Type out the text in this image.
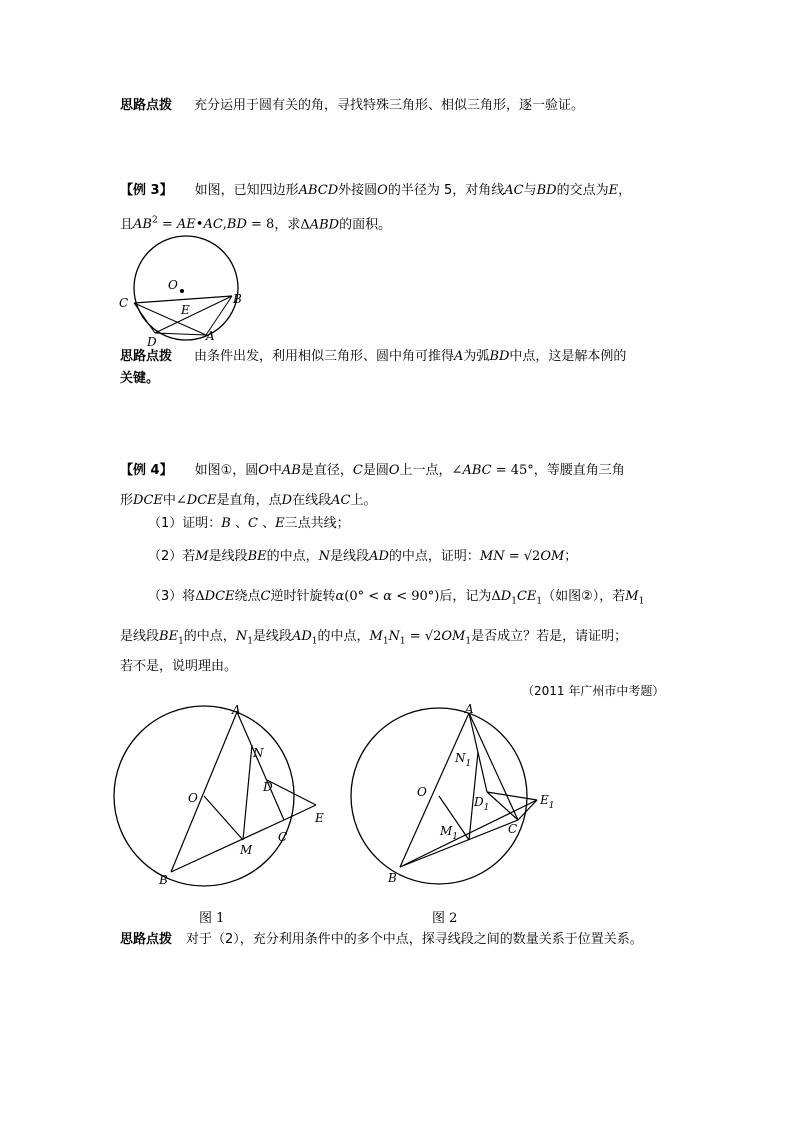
思路点拨 充分运用于圆有关的角，寻找特殊三角形、相似三角形，逐一验证。
【例 3】 如图，已知四边形ABCD外接圆O的半径为 5，对角线AC与BD的交点为E，
且$AB^2$ = AE•AC,BD = 8，求ΔABD的面积。
O
B
C	E
D	A
思路点拨 由条件出发，利用相似三角形、圆中角可推得A为弧BD中点，这是解本例的
关键。
【例 4】 如图①，圆O中AB是直径，C是圆O上一点，∠ABC = 45°，等腰直角三角
形DCE中∠DCE是直角，点D在线段AC上。
（1）证明：B 、C 、E三点共线；
（2）若M是线段BE的中点，N是线段AD的中点，证明：MN = √2OM；
（3）将ΔDCE绕点C逆时针旋转α(0° < α < 90°)后，记为$\Delta D_1CE_1$（如图②），若$M_1$
是线段$BE_1$的中点，$N_1$是线段$AD_1$的中点，$M_1N_1 = √2OM_1$是否成立？若是，请证明；
若不是，说明理由。
（2011 年广州市中考题）
A
N
O
D
E
C
M
B
图 1
A
$N_1$
O
$D_1$
$E_1$
$M_1$
C
B
图 2
思路点拨 对于（2），充分利用条件中的多个中点，探寻线段之间的数量关系于位置关系。
